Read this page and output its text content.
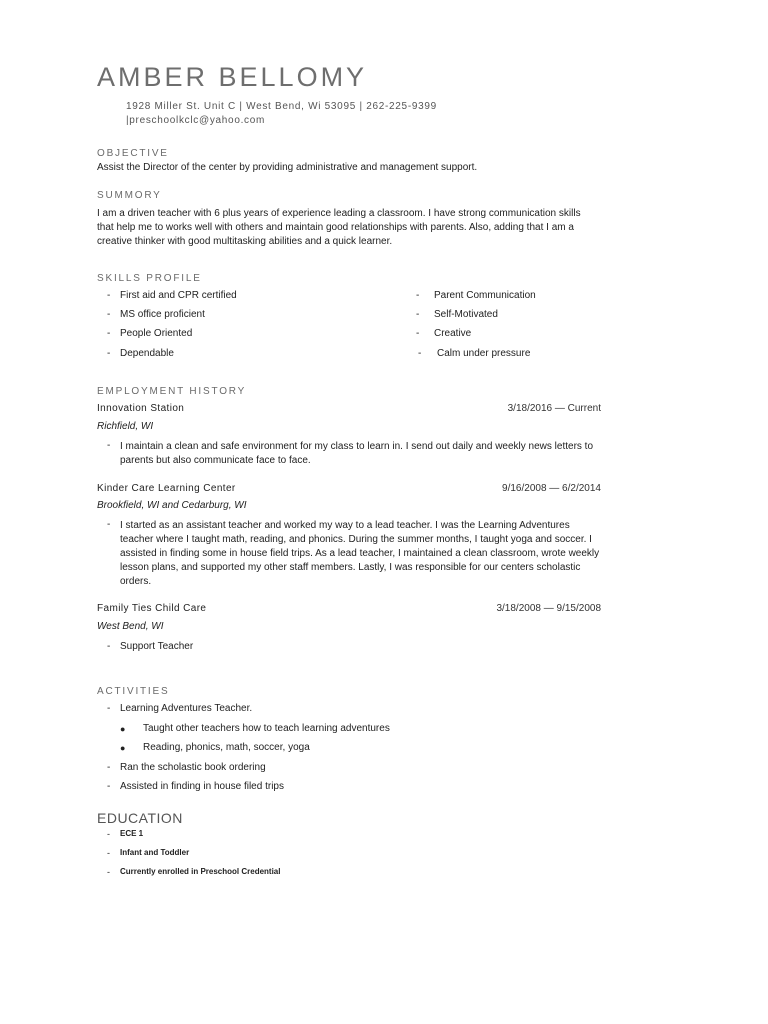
AMBER BELLOMY
1928 Miller St. Unit C | West Bend, Wi 53095 | 262-225-9399
|preschoolkclc@yahoo.com
OBJECTIVE
Assist the Director of the center by providing administrative and management support.
SUMMORY
I am a driven teacher with 6 plus years of experience leading a classroom. I have strong communication skills that help me to works well with others and maintain good relationships with parents. Also, adding that I am a creative thinker with good multitasking abilities and a quick learner.
SKILLS PROFILE
- First aid and CPR certified
- MS office proficient
- People Oriented
- Dependable
- Parent Communication
- Self-Motivated
- Creative
- Calm under pressure
EMPLOYMENT HISTORY
Innovation Station	3/18/2016 — Current
Richfield, WI
- I maintain a clean and safe environment for my class to learn in. I send out daily and weekly news letters to parents but also communicate face to face.
Kinder Care Learning Center	9/16/2008 — 6/2/2014
Brookfield, WI and Cedarburg, WI
- I started as an assistant teacher and worked my way to a lead teacher. I was the Learning Adventures teacher where I taught math, reading, and phonics. During the summer months, I taught yoga and soccer. I assisted in finding some in house field trips. As a lead teacher, I maintained a clean classroom, wrote weekly lesson plans, and supported my other staff members. Lastly, I was responsible for our centers scholastic orders.
Family Ties Child Care	3/18/2008 — 9/15/2008
West Bend, WI
- Support Teacher
ACTIVITIES
- Learning Adventures Teacher.
● Taught other teachers how to teach learning adventures
● Reading, phonics, math, soccer, yoga
- Ran the scholastic book ordering
- Assisted in finding in house filed trips
EDUCATION
- ECE 1
- Infant and Toddler
- Currently enrolled in Preschool Credential
